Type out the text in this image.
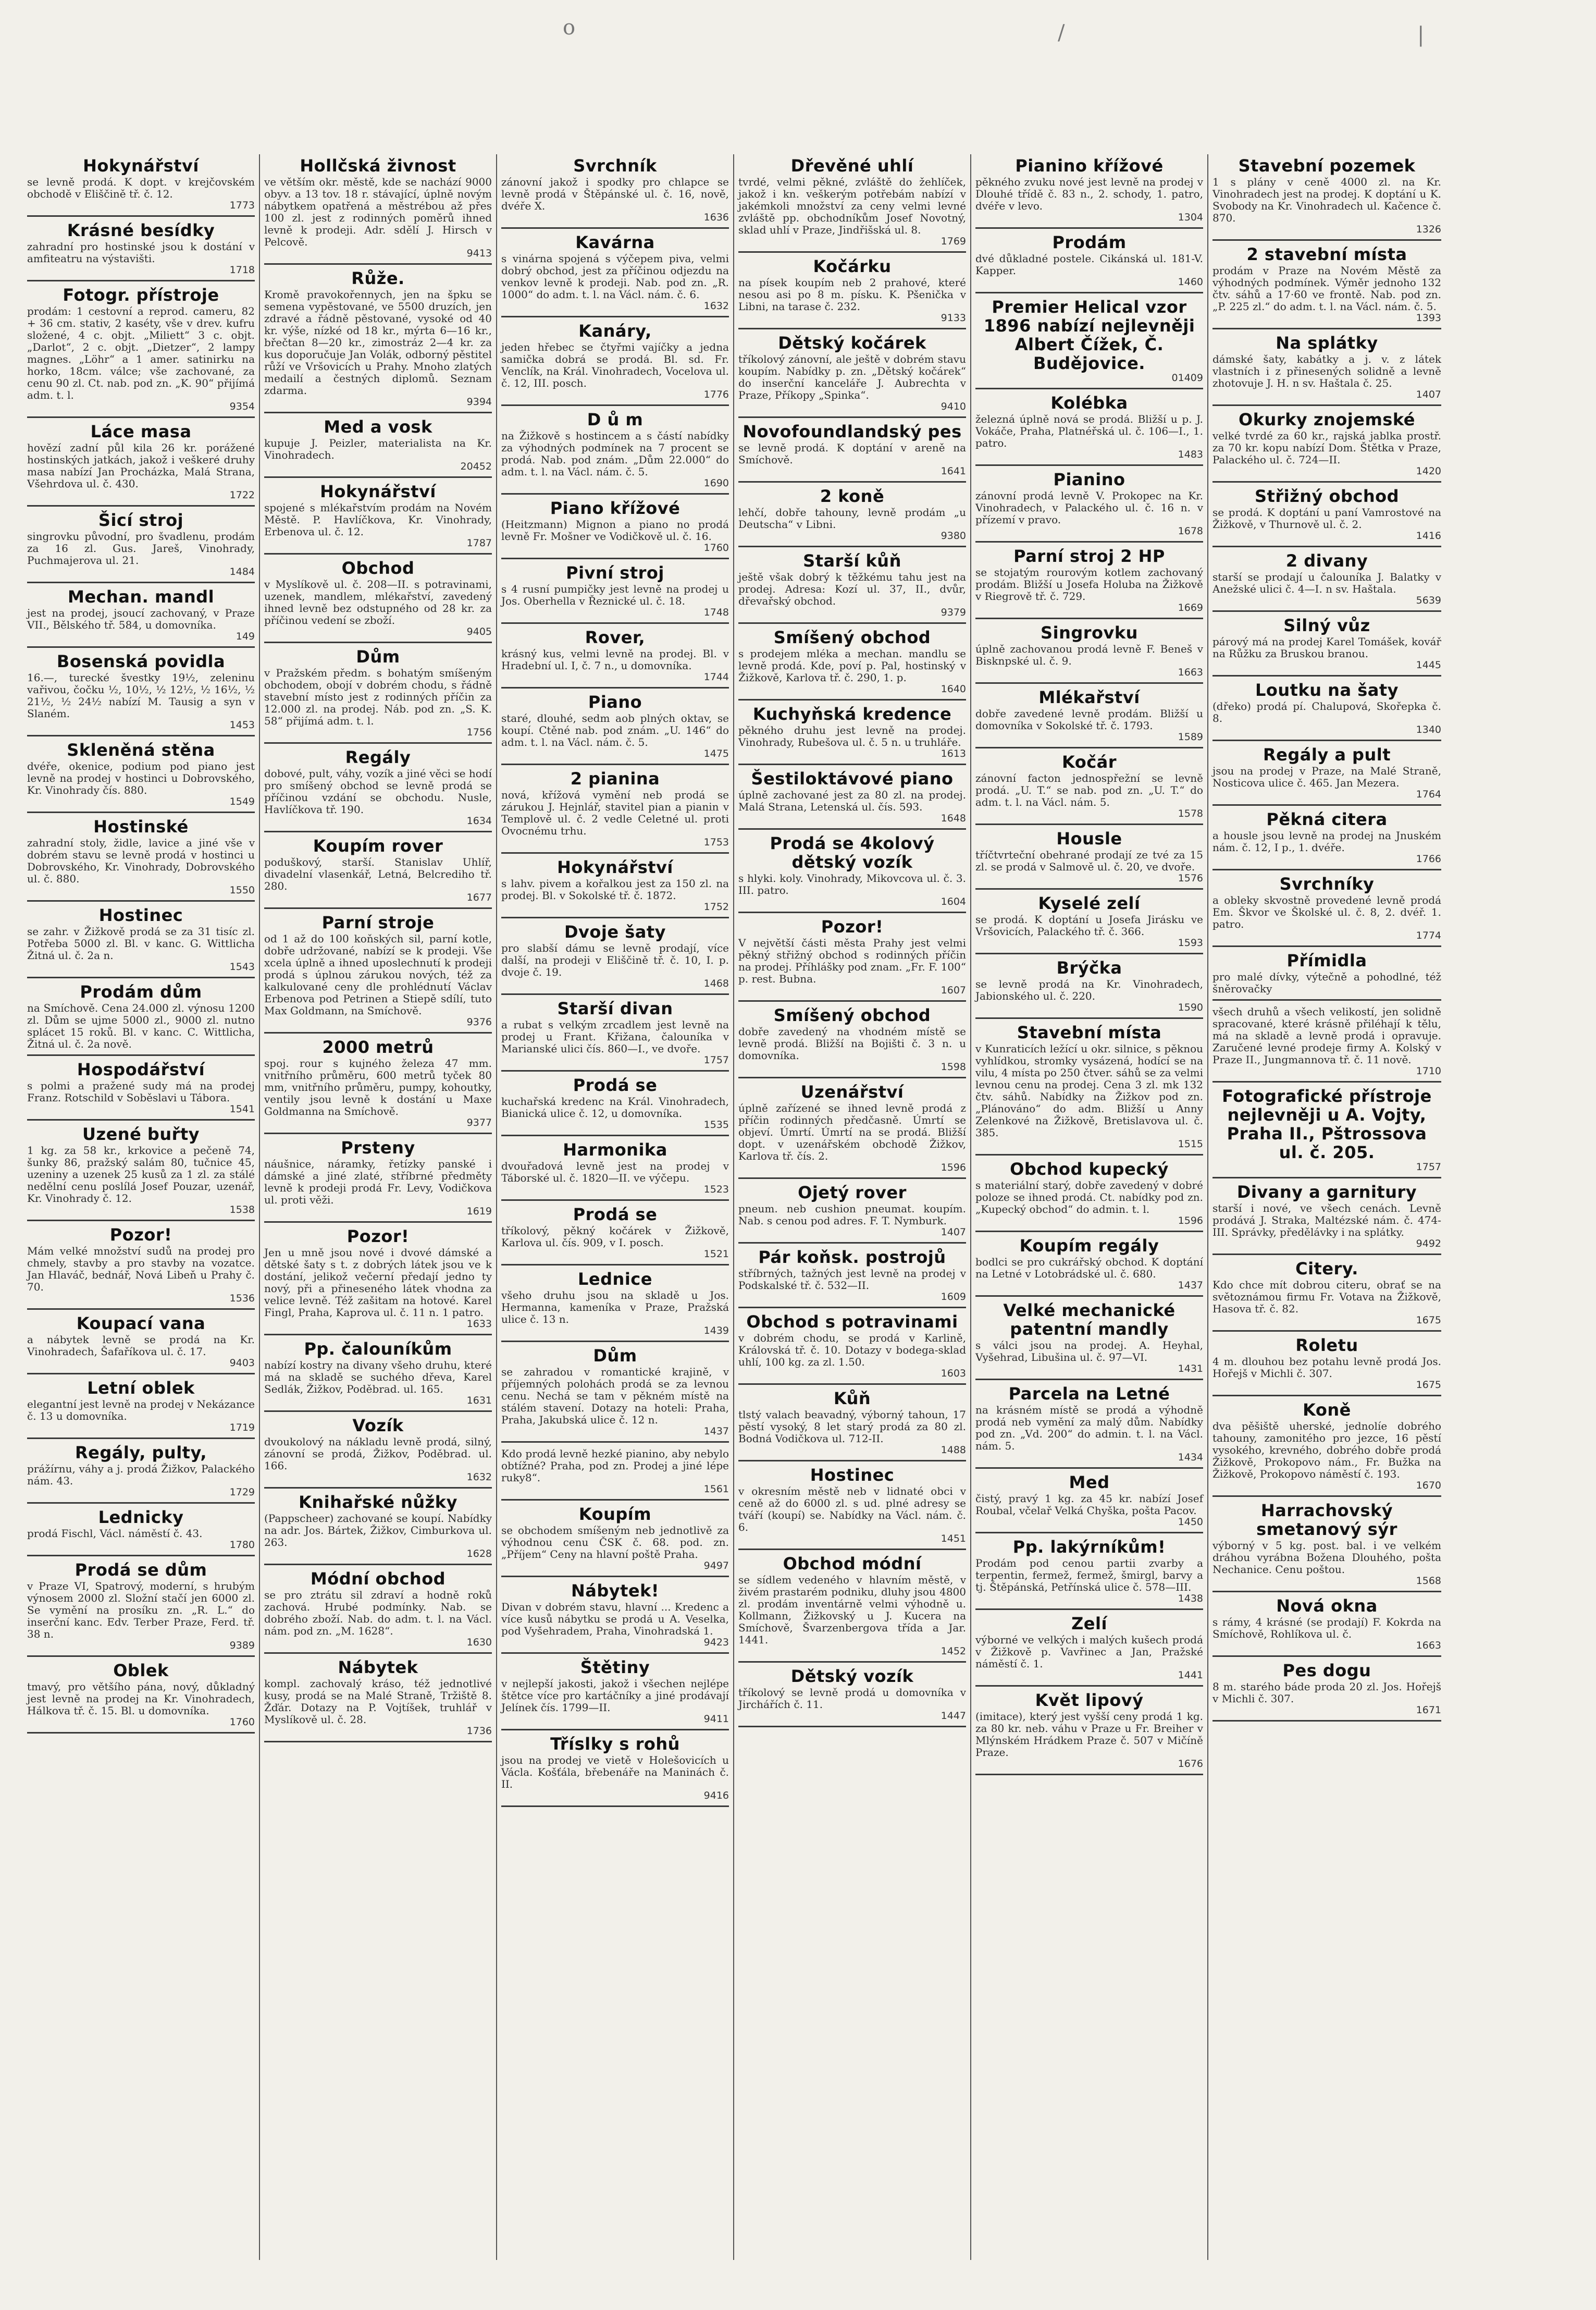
o	/	|
Hokynářství
se levně prodá. K dopt. v krejčovském obchodě v Eliščině tř. č. 12.
1773
Krásné besídky
zahradní pro hostinské jsou k dostání v amfiteatru na výstavišti.
1718
Fotogr. přístroje
prodám: 1 cestovní a reprod. cameru, 82 + 36 cm. stativ, 2 kaséty, vše v drev. kufru složené, 4 c. objt. „Miliett“ 3 c. objt. „Darlot“, 2 c. objt. „Dietzer“, 2 lampy magnes. „Löhr“ a 1 amer. satinirku na horko, 18cm. válce; vše zachované, za cenu 90 zl. Ct. nab. pod zn. „K. 90“ přijímá adm. t. l.
9354
Láce masa
hovězí zadní půl kila 26 kr. porážené hostinských jatkách, jakož i veškeré druhy masa nabízí Jan Procházka, Malá Strana, Všehrdova ul. č. 430.
1722
Šicí stroj
singrovku původní, pro švadlenu, prodám za 16 zl. Gus. Jareš, Vinohrady, Puchmajerova ul. 21.
1484
Mechan. mandl
jest na prodej, jsoucí zachovaný, v Praze VII., Bělského tř. 584, u domovníka.
149
Bosenská povidla
16.—, turecké švestky 19½, zeleninu vařivou, čočku ½, 10½, ½ 12½, ½ 16½, ½ 21½, ½ 24½ nabízí M. Tausig a syn v Slaném.
1453
Skleněná stěna
dvéře, okenice, podium pod piano jest levně na prodej v hostinci u Dobrovského, Kr. Vinohrady čís. 880.
1549
Hostinské
zahradní stoly, židle, lavice a jiné vše v dobrém stavu se levně prodá v hostinci u Dobrovského, Kr. Vinohrady, Dobrovského ul. č. 880.
1550
Hostinec
se zahr. v Žižkově prodá se za 31 tisíc zl. Potřeba 5000 zl. Bl. v kanc. G. Wittlicha Žitná ul. č. 2a n.
1543
Prodám dům
na Smíchově. Cena 24.000 zl. výnosu 1200 zl. Dům se ujme 5000 zl., 9000 zl. nutno splácet 15 roků. Bl. v kanc. C. Wittlicha, Žitná ul. č. 2a nově.
Hospodářství
s polmi a pražené sudy má na prodej Franz. Rotschild v Soběslavi u Tábora.
1541
Uzené buřty
1 kg. za 58 kr., krkovice a pečeně 74, šunky 86, pražský salám 80, tučnice 45, uzeniny a uzenek 25 kusů za 1 zl. za stálé nedělní cenu poslílá Josef Pouzar, uzenář, Kr. Vinohrady č. 12.
1538
Pozor!
Mám velké množství sudů na prodej pro chmely, stavby a pro stavby na vozatce. Jan Hlaváč, bednář, Nová Libeň u Prahy č. 70.
1536
Koupací vana
a nábytek levně se prodá na Kr. Vinohradech, Šafaříkova ul. č. 17.
9403
Letní oblek
elegantní jest levně na prodej v Nekázance č. 13 u domovníka.
1719
Regály, pulty,
prážírnu, váhy a j. prodá Žižkov, Palackého nám. 43.
1729
Lednicky
prodá Fischl, Václ. náměstí č. 43.
1780
Prodá se dům
v Praze VI, Spatrový, moderní, s hrubým výnosem 2000 zl. Složní stačí jen 6000 zl. Se vymění na prosíku zn. „R. L.“ do inserční kanc. Edv. Terber Praze, Ferd. tř. 38 n.
9389
Oblek
tmavý, pro většího pána, nový, důkladný jest levně na prodej na Kr. Vinohradech, Hálkova tř. č. 15. Bl. u domovníka.
1760
Hollčská živnost
ve větším okr. městě, kde se nachází 9000 obyv. a 13 tov. 18 r. stávající, úplně novým nábytkem opatřená a městrébou až přes 100 zl. jest z rodinných poměrů ihned levně k prodeji. Adr. sdělí J. Hirsch v Pelcově.
9413
Růže.
Kromě pravokořennych, jen na špku se semena vypěstované, ve 5500 druzích, jen zdravé a řádně pěstované, vysoké od 40 kr. výše, nízké od 18 kr., mýrta 6—16 kr., břečtan 8—20 kr., zimostráz 2—4 kr. za kus doporučuje Jan Volák, odborný pěstitel růží ve Vršovicích u Prahy. Mnoho zlatých medailí a čestných diplomů. Seznam zdarma.
9394
Med a vosk
kupuje J. Peizler, materialista na Kr. Vinohradech.
20452
Hokynářství
spojené s mlékařstvím prodám na Novém Městě. P. Havlíčkova, Kr. Vinohrady, Erbenova ul. č. 12.
1787
Obchod
v Myslíkově ul. č. 208—II. s potravinami, uzenek, mandlem, mlékařství, zavedený ihned levně bez odstupného od 28 kr. za příčinou vedení se zboží.
9405
Dům
v Pražském předm. s bohatým smíšeným obchodem, obojí v dobrém chodu, s řádně stavební místo jest z rodinných příčin za 12.000 zl. na prodej. Náb. pod zn. „S. K. 58“ přijímá adm. t. l.
1756
Regály
dobové, pult, váhy, vozík a jiné věci se hodí pro smíšený obchod se levně prodá se příčinou vzdání se obchodu. Nusle, Havlíčkova tř. 190.
1634
Koupím rover
poduškový, starší. Stanislav Uhlíř, divadelní vlasenkář, Letná, Belcrediho tř. 280.
1677
Parní stroje
od 1 až do 100 koňských sil, parní kotle, dobře udržované, nabízí se k prodeji. Vše xcela úplně a ihned uposlechnutí k prodeji prodá s úplnou zárukou nových, též za kalkulované ceny dle prohlédnutí Václav Erbenova pod Petrinen a Stiepě sdílí, tuto Max Goldmann, na Smíchově.
9376
2000 metrů
spoj. rour s kujného železa 47 mm. vnitřního průměru, 600 metrů tyček 80 mm, vnitřního průměru, pumpy, kohoutky, ventily jsou levně k dostání u Maxe Goldmanna na Smíchově.
9377
Prsteny
náušnice, náramky, řetízky panské i dámské a jiné zlaté, stříbrné předměty levně k prodeji prodá Fr. Levy, Vodičkova ul. proti věži.
1619
Pozor!
Jen u mně jsou nové i dvové dámské a dětské šaty s t. z dobrých látek jsou ve k dostání, jelikož večerní předají jedno ty nový, při a přineseného látek vhodna za velice levně. Též zašitam na hotové. Karel Fingl, Praha, Kaprova ul. č. 11 n. 1 patro.
1633
Pp. čalouníkům
nabízí kostry na divany všeho druhu, které má na skladě se suchého dřeva, Karel Sedlák, Žižkov, Poděbrad. ul. 165.
1631
Vozík
dvoukolový na nákladu levně prodá, silný, zánovní se prodá, Žižkov, Poděbrad. ul. 166.
1632
Knihařské nůžky
(Pappscheer) zachované se koupí. Nabídky na adr. Jos. Bártek, Žižkov, Cimburkova ul. 263.
1628
Módní obchod
se pro ztrátu sil zdraví a hodně roků zachová. Hrubé podmínky. Nab. se dobrého zboží. Nab. do adm. t. l. na Václ. nám. pod zn. „M. 1628“.
1630
Nábytek
kompl. zachovalý kráso, též jednotlivé kusy, prodá se na Malé Straně, Tržiště 8. Žďár. Dotazy na P. Vojtíšek, truhlář v Myslíkově ul. č. 28.
1736
Svrchník
zánovní jakož i spodky pro chlapce se levně prodá v Štěpánské ul. č. 16, nově, dvéře X.
1636
Kavárna
s vinárna spojená s výčepem piva, velmi dobrý obchod, jest za příčinou odjezdu na venkov levně k prodeji. Nab. pod zn. „R. 1000“ do adm. t. l. na Václ. nám. č. 6.
1632
Kanáry,
jeden hřebec se čtyřmi vajíčky a jedna samička dobrá se prodá. Bl. sd. Fr. Venclík, na Král. Vinohradech, Vocelova ul. č. 12, III. posch.
1776
D ů m
na Žižkově s hostincem a s částí nabídky za výhodných podmínek na 7 procent se prodá. Nab. pod znám. „Dům 22.000“ do adm. t. l. na Václ. nám. č. 5.
1690
Piano křížové
(Heitzmann) Mignon a piano no prodá levně Fr. Mošner ve Vodičkově ul. č. 16.
1760
Pivní stroj
s 4 rusní pumpičky jest levně na prodej u Jos. Oberhella v Řeznické ul. č. 18.
1748
Rover,
krásný kus, velmi levně na prodej. Bl. v Hradební ul. I, č. 7 n., u domovníka.
1744
Piano
staré, dlouhé, sedm aob plných oktav, se koupí. Ctěné nab. pod znám. „U. 146“ do adm. t. l. na Václ. nám. č. 5.
1475
2 pianina
nová, křížová vymění neb prodá se zárukou J. Hejnlář, stavitel pian a pianin v Templově ul. č. 2 vedle Celetné ul. proti Ovocnému trhu.
1753
Hokynářství
s lahv. pivem a kořalkou jest za 150 zl. na prodej. Bl. v Sokolské tř. č. 1872.
1752
Dvoje šaty
pro slabší dámu se levně prodají, více další, na prodeji v Eliščině tř. č. 10, I. p. dvoje č. 19.
1468
Starší divan
a rubat s velkým zrcadlem jest levně na prodej u Frant. Křižana, čalouníka v Marianské ulici čís. 860—I., ve dvoře.
1757
Prodá se
kuchařská kredenc na Král. Vinohradech, Bianická ulice č. 12, u domovníka.
1535
Harmonika
dvouřadová levně jest na prodej v Táborské ul. č. 1820—II. ve výčepu.
1523
Prodá se
tříkolový, pěkný kočárek v Žižkově, Karlova ul. čís. 909, v I. posch.
1521
Lednice
všeho druhu jsou na skladě u Jos. Hermanna, kameníka v Praze, Pražská ulice č. 13 n.
1439
Dům
se zahradou v romantické krajině, v příjemných polohách prodá se za levnou cenu. Nechá se tam v pěkném místě na stálém stavení. Dotazy na hoteli: Praha, Praha, Jakubská ulice č. 12 n.
1437
Kdo prodá levně hezké pianino, aby nebylo obtížné? Praha, pod zn. Prodej a jiné lépe ruky8“.
1561
Koupím
se obchodem smíšeným neb jednotlivě za výhodnou cenu ČSK č. 68. pod. zn. „Příjem“ Ceny na hlavní poště Praha.
9497
Nábytek!
Divan v dobrém stavu, hlavní ... Kredenc a více kusů nábytku se prodá u A. Veselka, pod Vyšehradem, Praha, Vinohradská 1.
9423
Štětiny
v nejlepší jakosti, jakož i všechen nejlépe štětce více pro kartáčníky a jiné prodávají Jelínek čís. 1799—II.
9411
Tříslky s rohů
jsou na prodej ve vietě v Holešovicích u Václa. Košťála, břebenáře na Maninách č. II.
9416
Dřevěné uhlí
tvrdé, velmi pěkné, zvláště do žehlíček, jakož i kn. veškerým potřebám nabízí v jakémkoli množství za ceny velmi levné zvláště pp. obchodníkům Josef Novotný, sklad uhlí v Praze, Jindřišská ul. 8.
1769
Kočárku
na písek koupím neb 2 prahové, které nesou asi po 8 m. písku. K. Pšenička v Libni, na tarase č. 232.
9133
Dětský kočárek
tříkolový zánovní, ale ještě v dobrém stavu koupím. Nabídky p. zn. „Dětský kočárek“ do inserční kanceláře J. Aubrechta v Praze, Příkopy „Spinka“.
9410
Novofoundlandský pes
se levně prodá. K doptání v areně na Smíchově.
1641
2 koně
lehčí, dobře tahouny, levně prodám „u Deutscha“ v Libni.
9380
Starší kůň
ještě však dobrý k těžkému tahu jest na prodej. Adresa: Kozí ul. 37, II., dvůr, dřevařský obchod.
9379
Smíšený obchod
s prodejem mléka a mechan. mandlu se levně prodá. Kde, poví p. Pal, hostinský v Žižkově, Karlova tř. č. 290, 1. p.
1640
Kuchyňská kredence
pěkného druhu jest levně na prodej. Vinohrady, Rubešova ul. č. 5 n. u truhláře.
1613
Šestiloktávové piano
úplně zachované jest za 80 zl. na prodej. Malá Strana, Letenská ul. čís. 593.
1648
Prodá se 4kolový dětský vozík
s hlyki. koly. Vinohrady, Mikovcova ul. č. 3. III. patro.
1604
Pozor!
V největší části města Prahy jest velmi pěkný střižný obchod s rodinných příčin na prodej. Příhlášky pod znam. „Fr. F. 100“ p. rest. Bubna.
1607
Smíšený obchod
dobře zavedený na vhodném místě se levně prodá. Bližší na Bojišti č. 3 n. u domovníka.
1598
Uzenářství
úplně zařízené se ihned levně prodá z příčin rodinných předčasně. Úmrtí se objeví. Úmrtí. Úmrtí na se prodá. Bližší dopt. v uzenářském obchodě Žižkov, Karlova tř. čís. 2.
1596
Ojetý rover
pneum. neb cushion pneumat. koupím. Nab. s cenou pod adres. F. T. Nymburk.
1407
Pár koňsk. postrojů
stříbrných, tažných jest levně na prodej v Podskalské tř. č. 532—II.
1609
Obchod s potravinami
v dobrém chodu, se prodá v Karlině, Královská tř. č. 10. Dotazy v bodega-sklad uhlí, 100 kg. za zl. 1.50.
1603
Kůň
tlstý valach beavadný, výborný tahoun, 17 pěstí vysoký, 8 let starý prodá za 80 zl. Bodná Vodičkova ul. 712-II.
1488
Hostinec
v okresním městě neb v lidnaté obci v ceně až do 6000 zl. s ud. plné adresy se tváří (koupí) se. Nabídky na Václ. nám. č. 6.
1451
Obchod módní
se sídlem vedeného v hlavním městě, v živém prastarém podniku, dluhy jsou 4800 zl. prodám inventárně velmi výhodně u. Kollmann, Žižkovský u J. Kucera na Smíchově, Švarzenbergova třída a Jar. 1441.
1452
Dětský vozík
tříkolový se levně prodá u domovníka v Jirchářích č. 11.
1447
Pianino křížové
pěkného zvuku nové jest levně na prodej v Dlouhé třídě č. 83 n., 2. schody, 1. patro, dvéře v levo.
1304
Prodám
dvé důkladné postele. Cikánská ul. 181-V. Kapper.
1460
Premier Helical vzor 1896 nabízí nejlevněji Albert Čížek, Č. Budějovice.
01409
Kolébka
železná úplně nová se prodá. Bližší u p. J. Vokáče, Praha, Platnéřská ul. č. 106—I., 1. patro.
1483
Pianino
zánovní prodá levně V. Prokopec na Kr. Vinohradech, v Palackého ul. č. 16 n. v přízemí v pravo.
1678
Parní stroj 2 HP
se stojatým rourovým kotlem zachovaný prodám. Bližší u Josefa Holuba na Žižkově v Riegrově tř. č. 729.
1669
Singrovku
úplně zachovanou prodá levně F. Beneš v Bisknpské ul. č. 9.
1663
Mlékařství
dobře zavedené levně prodám. Bližší u domovníka v Sokolské tř. č. 1793.
1589
Kočár
zánovní facton jednospřežní se levně prodá. „U. T.“ se nab. pod zn. „U. T.“ do adm. t. l. na Václ. nám. 5.
1578
Housle
tříčtvrteční obehrané prodají ze tvé za 15 zl. se prodá v Salmově ul. č. 20, ve dvoře.
1576
Kyselé zelí
se prodá. K doptání u Josefa Jirásku ve Vršovicích, Palackého tř. č. 366.
1593
Brýčka
se levně prodá na Kr. Vinohradech, Jabionského ul. č. 220.
1590
Stavební místa
v Kunraticích ležící u okr. silnice, s pěknou vyhlídkou, stromky vysázená, hodící se na vilu, 4 místa po 250 čtver. sáhů se za velmi levnou cenu na prodej. Cena 3 zl. mk 132 čtv. sáhů. Nabídky na Žižkov pod zn. „Plánováno“ do adm. Bližší u Anny Zelenkové na Žižkově, Bretislavova ul. č. 385.
1515
Obchod kupecký
s materiální starý, dobře zavedený v dobré poloze se ihned prodá. Ct. nabídky pod zn. „Kupecký obchod“ do admin. t. l.
1596
Koupím regály
bodlci se pro cukrářský obchod. K doptání na Letné v Lotobrádské ul. č. 680.
1437
Velké mechanické patentní mandly
s válci jsou na prodej. A. Heyhal, Vyšehrad, Libušina ul. č. 97—VI.
1431
Parcela na Letné
na krásném místě se prodá a výhodně prodá neb vymění za malý dům. Nabídky pod zn. „Vd. 200“ do admin. t. l. na Václ. nám. 5.
1434
Med
čistý, pravý 1 kg. za 45 kr. nabízí Josef Roubal, včelař Velká Chyška, pošta Pacov.
1450
Pp. lakýrníkům!
Prodám pod cenou partii zvarby a terpentin, fermež, fermež, šmirgl, barvy a tj. Štěpánská, Petřínská ulice č. 578—III.
1438
Zelí
výborné ve velkých i malých kušech prodá v Žižkově p. Vavřinec a Jan, Pražské náměstí č. 1.
1441
Květ lipový
(imitace), který jest vyšší ceny prodá 1 kg. za 80 kr. neb. váhu v Praze u Fr. Breiher v Mlýnském Hrádkem Praze č. 507 v Mičíně Praze.
1676
Stavební pozemek
1 s plány v ceně 4000 zl. na Kr. Vinohradech jest na prodej. K doptání u K. Svobody na Kr. Vinohradech ul. Kačence č. 870.
1326
2 stavební místa
prodám v Praze na Novém Městě za výhodných podmínek. Výměr jednoho 132 čtv. sáhů a 17·60 ve frontě. Nab. pod zn. „P. 225 zl.“ do adm. t. l. na Václ. nám. č. 5.
1393
Na splátky
dámské šaty, kabátky a j. v. z látek vlastních i z přinesených solidně a levně zhotovuje J. H. n sv. Haštala č. 25.
1407
Okurky znojemské
velké tvrdé za 60 kr., rajská jablka prostř. za 70 kr. kopu nabízí Dom. Štětka v Praze, Palackého ul. č. 724—II.
1420
Střižný obchod
se prodá. K doptání u paní Vamrostové na Žižkově, v Thurnově ul. č. 2.
1416
2 divany
starší se prodají u čalouníka J. Balatky v Anežské ulici č. 4—I. n sv. Haštala.
5639
Silný vůz
párový má na prodej Karel Tomášek, kovář na Růžku za Bruskou branou.
1445
Loutku na šaty
(dřeko) prodá pí. Chalupová, Skořepka č. 8.
1340
Regály a pult
jsou na prodej v Praze, na Malé Straně, Nosticova ulice č. 465. Jan Mezera.
1764
Pěkná citera
a housle jsou levně na prodej na Jnuském nám. č. 12, I p., 1. dvéře.
1766
Svrchníky
a obleky skvostně provedené levně prodá Em. Škvor ve Školské ul. č. 8, 2. dvéř. 1. patro.
1774
Přímidla
pro malé dívky, výtečně a pohodlné, též šněrovačky
všech druhů a všech velikostí, jen solidně spracované, které krásně přiléhají k tělu, má na skladě a levně prodá i opravuje. Zaručené levné prodeje firmy A. Kolský v Praze II., Jungmannova tř. č. 11 nově.
1710
Fotografické přístroje nejlevněji u A. Vojty, Praha II., Pštrossova ul. č. 205.
1757
Divany a garnitury
starší i nové, ve všech cenách. Levně prodává J. Straka, Maltézské nám. č. 474-III. Správky, předělávky i na splátky.
9492
Citery.
Kdo chce mít dobrou citeru, obrať se na světoznámou firmu Fr. Votava na Žižkově, Hasova tř. č. 82.
1675
Roletu
4 m. dlouhou bez potahu levně prodá Jos. Hořejš v Michli č. 307.
1675
Koně
dva pěšiště uherské, jednolíe dobrého tahouny, zamonitého pro jezce, 16 pěstí vysokého, krevného, dobrého dobře prodá Žižkově, Prokopovo nám., Fr. Bužka na Žižkově, Prokopovo náměstí č. 193.
1670
Harrachovský smetanový sýr
výborný v 5 kg. post. bal. i ve velkém dráhou vyrábna Božena Dlouhého, pošta Nechanice. Cenu poštou.
1568
Nová okna
s rámy, 4 krásné (se prodají) F. Kokrda na Smíchově, Rohlíkova ul. č.
1663
Pes dogu
8 m. starého báde proda 20 zl. Jos. Hořejš v Michli č. 307.
1671
